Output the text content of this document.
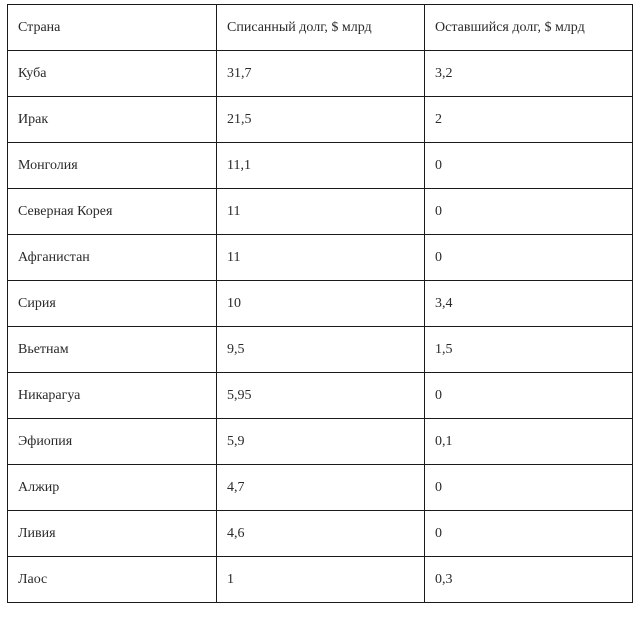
Страна	Списанный долг, $ млрд	Оставшийся долг, $ млрд
Куба	31,7	3,2
Ирак	21,5	2
Монголия	11,1	0
Северная Корея	11	0
Афганистан	11	0
Сирия	10	3,4
Вьетнам	9,5	1,5
Никарагуа	5,95	0
Эфиопия	5,9	0,1
Алжир	4,7	0
Ливия	4,6	0
Лаос	1	0,3
